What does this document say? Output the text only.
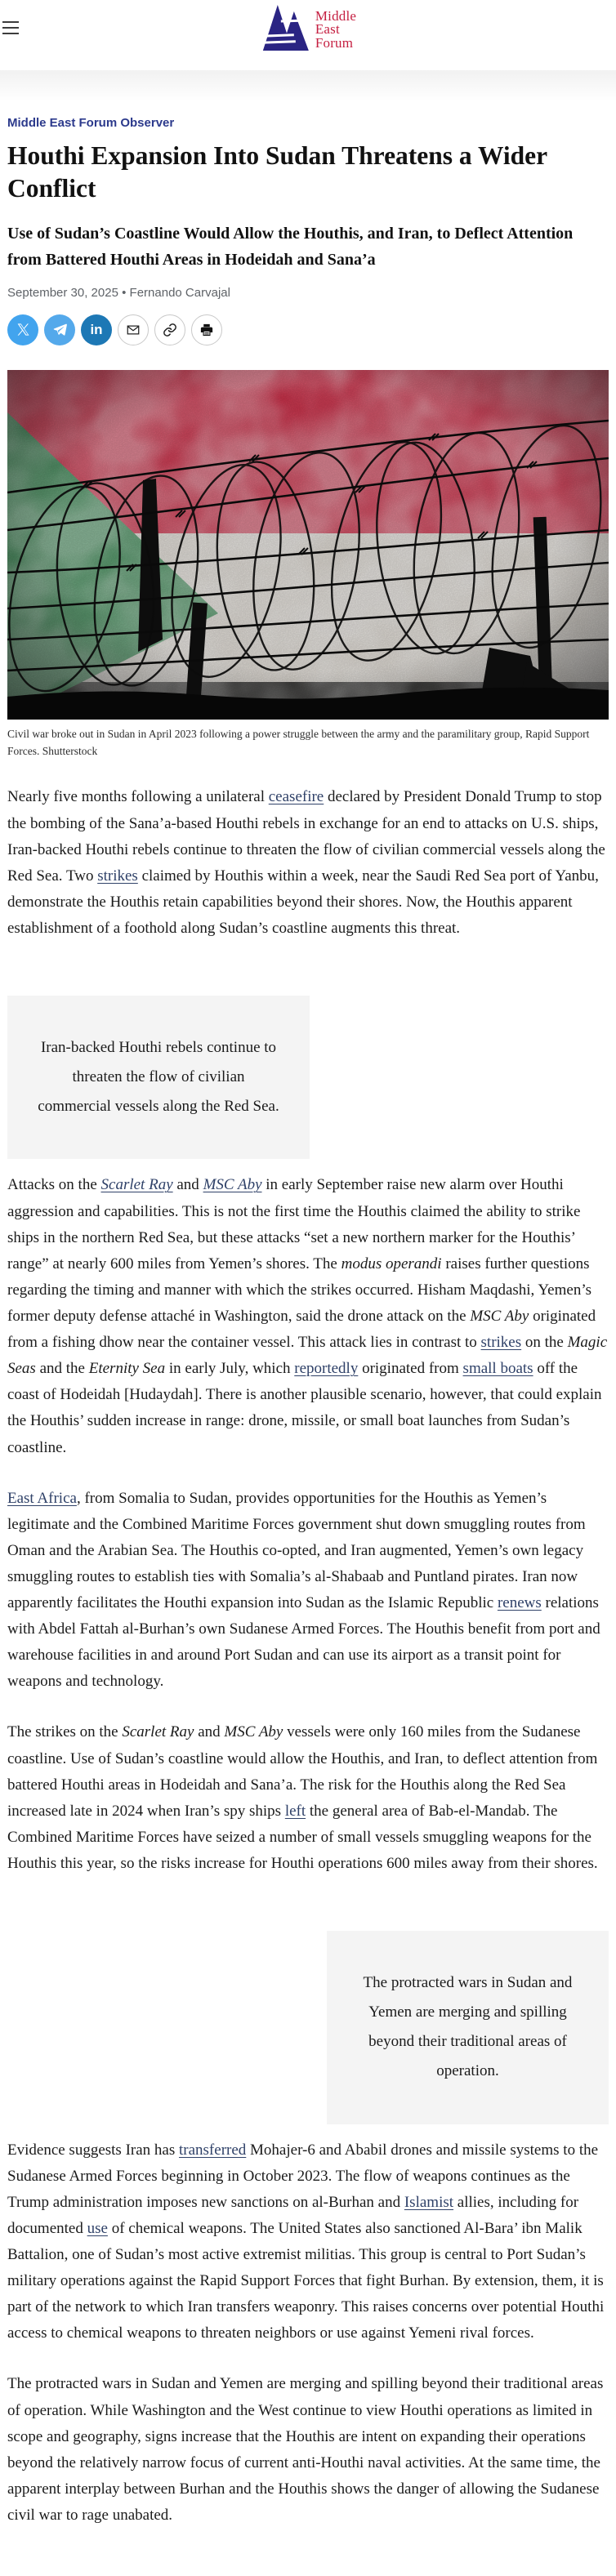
Middle
East
Forum
Middle East Forum Observer
Houthi Expansion Into Sudan Threatens a Wider Conflict
Use of Sudan’s Coastline Would Allow the Houthis, and Iran, to Deflect Attention from Battered Houthi Areas in Hodeidah and Sana’a
September 30, 2025 • Fernando Carvajal
in

Civil war broke out in Sudan in April 2023 following a power struggle between the army and the paramilitary group, Rapid Support Forces. Shutterstock

Nearly five months following a unilateral ceasefire declared by President Donald Trump to stop the bombing of the Sana’a-based Houthi rebels in exchange for an end to attacks on U.S. ships, Iran-backed Houthi rebels continue to threaten the flow of civilian commercial vessels along the Red Sea. Two strikes claimed by Houthis within a week, near the Saudi Red Sea port of Yanbu, demonstrate the Houthis retain capabilities beyond their shores. Now, the Houthis apparent establishment of a foothold along Sudan’s coastline augments this threat.

Iran-backed Houthi rebels continue to threaten the flow of civilian commercial vessels along the Red Sea.

Attacks on the Scarlet Ray and MSC Aby in early September raise new alarm over Houthi aggression and capabilities. This is not the first time the Houthis claimed the ability to strike ships in the northern Red Sea, but these attacks “set a new northern marker for the Houthis’ range” at nearly 600 miles from Yemen’s shores. The modus operandi raises further questions regarding the timing and manner with which the strikes occurred. Hisham Maqdashi, Yemen’s former deputy defense attaché in Washington, said the drone attack on the MSC Aby originated from a fishing dhow near the container vessel. This attack lies in contrast to strikes on the Magic Seas and the Eternity Sea in early July, which reportedly originated from small boats off the coast of Hodeidah [Hudaydah]. There is another plausible scenario, however, that could explain the Houthis’ sudden increase in range: drone, missile, or small boat launches from Sudan’s coastline.

East Africa, from Somalia to Sudan, provides opportunities for the Houthis as Yemen’s legitimate and the Combined Maritime Forces government shut down smuggling routes from Oman and the Arabian Sea. The Houthis co-opted, and Iran augmented, Yemen’s own legacy smuggling routes to establish ties with Somalia’s al-Shabaab and Puntland pirates. Iran now apparently facilitates the Houthi expansion into Sudan as the Islamic Republic renews relations with Abdel Fattah al-Burhan’s own Sudanese Armed Forces. The Houthis benefit from port and warehouse facilities in and around Port Sudan and can use its airport as a transit point for weapons and technology.

The strikes on the Scarlet Ray and MSC Aby vessels were only 160 miles from the Sudanese coastline. Use of Sudan’s coastline would allow the Houthis, and Iran, to deflect attention from battered Houthi areas in Hodeidah and Sana’a. The risk for the Houthis along the Red Sea increased late in 2024 when Iran’s spy ships left the general area of Bab-el-Mandab. The Combined Maritime Forces have seized a number of small vessels smuggling weapons for the Houthis this year, so the risks increase for Houthi operations 600 miles away from their shores.

The protracted wars in Sudan and Yemen are merging and spilling beyond their traditional areas of operation.

Evidence suggests Iran has transferred Mohajer-6 and Ababil drones and missile systems to the Sudanese Armed Forces beginning in October 2023. The flow of weapons continues as the Trump administration imposes new sanctions on al-Burhan and Islamist allies, including for documented use of chemical weapons. The United States also sanctioned Al-Bara’ ibn Malik Battalion, one of Sudan’s most active extremist militias. This group is central to Port Sudan’s military operations against the Rapid Support Forces that fight Burhan. By extension, them, it is part of the network to which Iran transfers weaponry. This raises concerns over potential Houthi access to chemical weapons to threaten neighbors or use against Yemeni rival forces.

The protracted wars in Sudan and Yemen are merging and spilling beyond their traditional areas of operation. While Washington and the West continue to view Houthi operations as limited in scope and geography, signs increase that the Houthis are intent on expanding their operations beyond the relatively narrow focus of current anti-Houthi naval activities. At the same time, the apparent interplay between Burhan and the Houthis shows the danger of allowing the Sudanese civil war to rage unabated.
